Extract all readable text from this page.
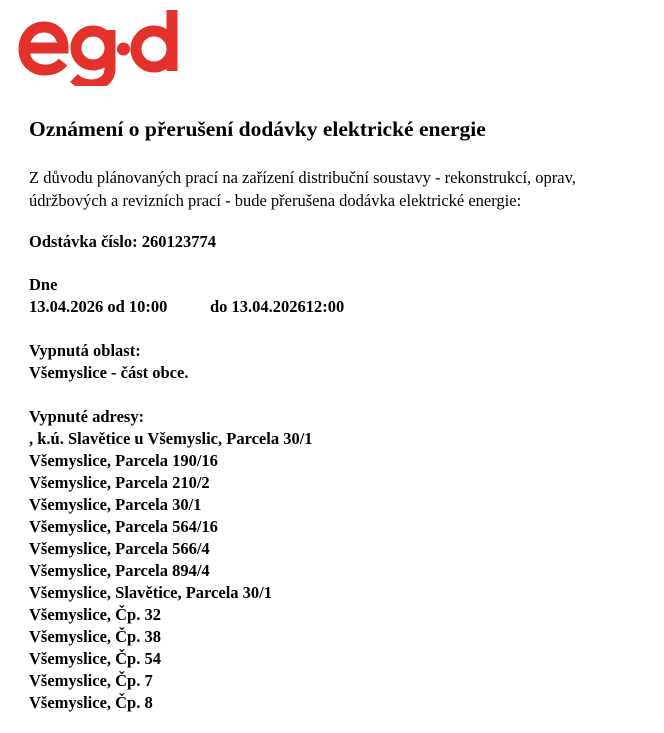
Oznámení o přerušení dodávky elektrické energie
Z důvodu plánovaných prací na zařízení distribuční soustavy - rekonstrukcí, oprav, údržbových a revizních prací - bude přerušena dodávka elektrické energie:
Odstávka číslo: 260123774
Dne
13.04.2026 od 10:00	do 13.04.202612:00
Vypnutá oblast:
Všemyslice - část obce.
Vypnuté adresy:
, k.ú. Slavětice u Všemyslic, Parcela 30/1
Všemyslice, Parcela 190/16
Všemyslice, Parcela 210/2
Všemyslice, Parcela 30/1
Všemyslice, Parcela 564/16
Všemyslice, Parcela 566/4
Všemyslice, Parcela 894/4
Všemyslice, Slavětice, Parcela 30/1
Všemyslice, Čp. 32
Všemyslice, Čp. 38
Všemyslice, Čp. 54
Všemyslice, Čp. 7
Všemyslice, Čp. 8
